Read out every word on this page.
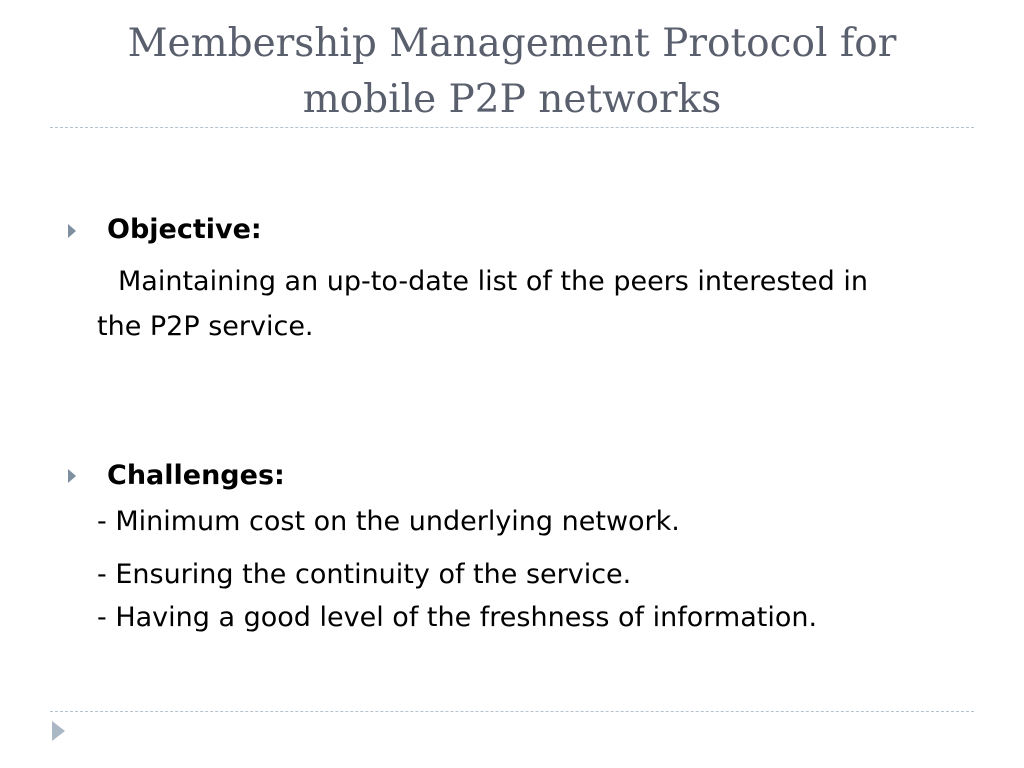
Membership Management Protocol for
mobile P2P networks
Objective:
Maintaining an up-to-date list of the peers interested in
the P2P service.
Challenges:
- Minimum cost on the underlying network.
- Ensuring the continuity of the service.
- Having a good level of the freshness of information.
